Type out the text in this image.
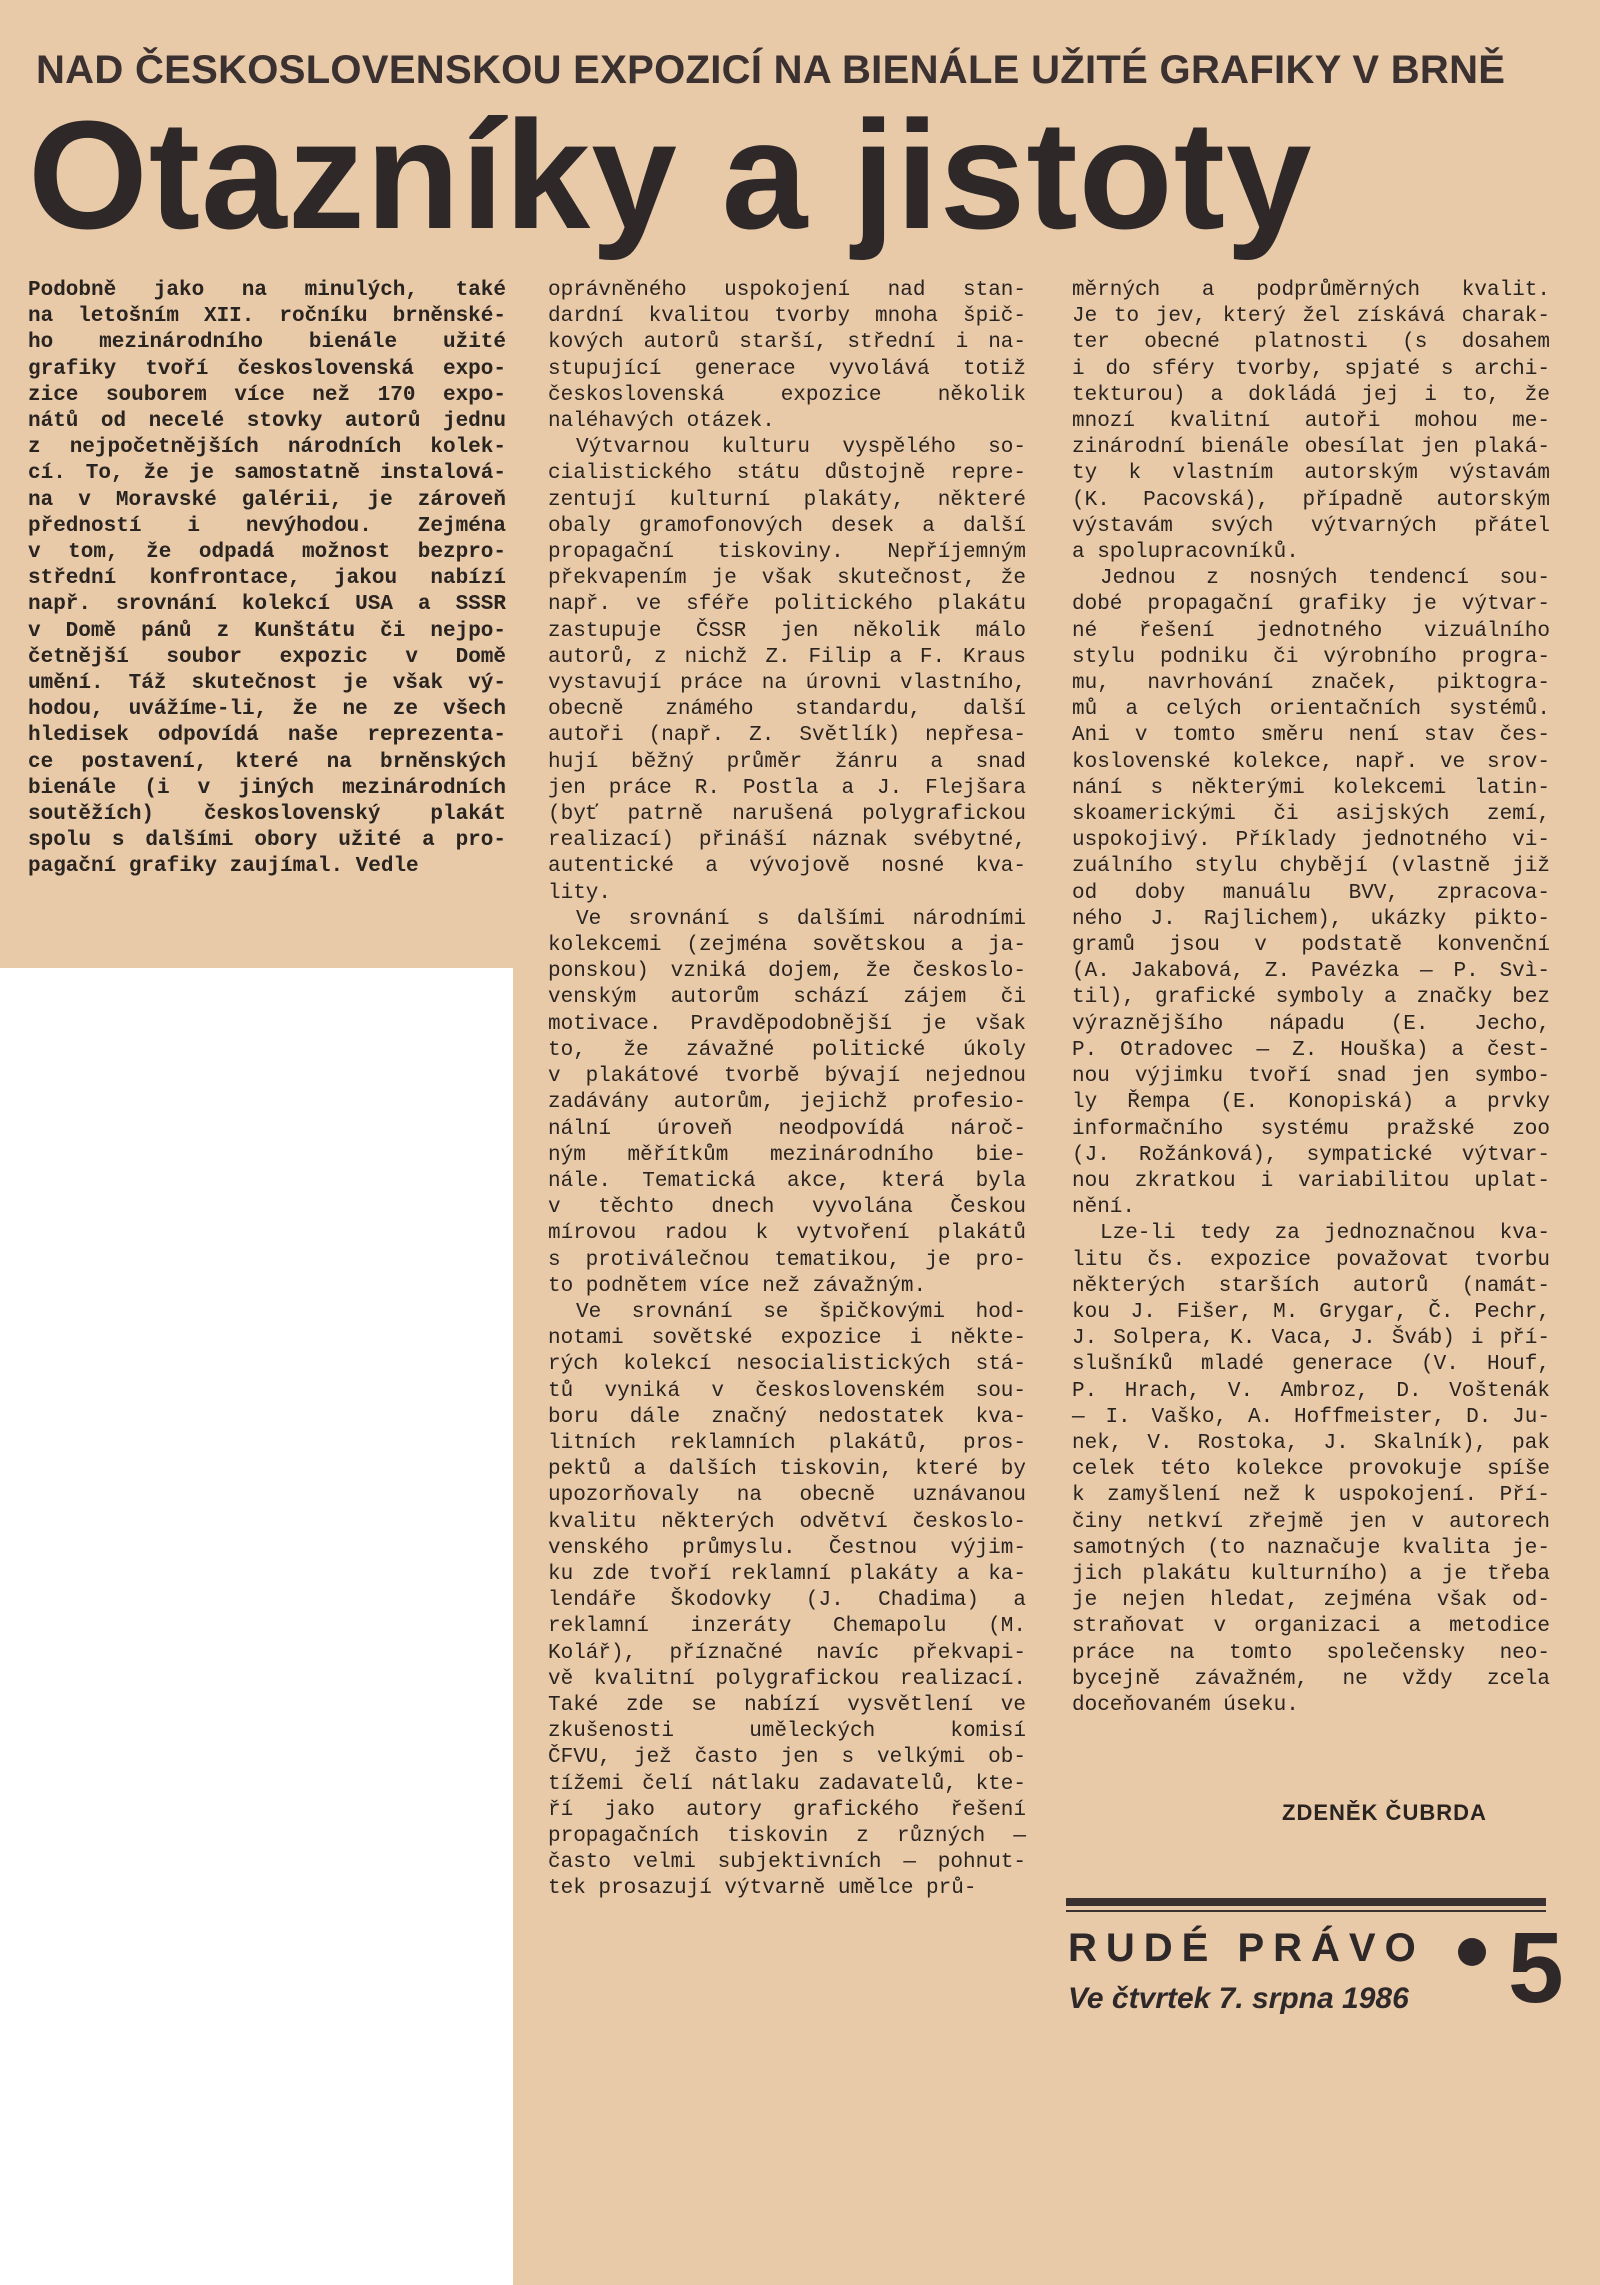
NAD ČESKOSLOVENSKOU EXPOZICÍ NA BIENÁLE UŽITÉ GRAFIKY V BRNĚ
Otazníky a jistoty

Podobně jako na minulých, také

na letošním XII. ročníku brněnské-

ho mezinárodního bienále užité

grafiky tvoří československá expo-

zice souborem více než 170 expo-

nátů od necelé stovky autorů jednu

z nejpočetnějších národních kolek-

cí. To, že je samostatně instalová-

na v Moravské galérii, je zároveň

předností i nevýhodou. Zejména

v tom, že odpadá možnost bezpro-

střední konfrontace, jakou nabízí

např. srovnání kolekcí USA a SSSR

v Domě pánů z Kunštátu či nejpo-

četnější soubor expozic v Domě

umění. Táž skutečnost je však vý-

hodou, uvážíme-li, že ne ze všech

hledisek odpovídá naše reprezenta-

ce postavení, které na brněnských

bienále (i v jiných mezinárodních

soutěžích) československý plakát

spolu s dalšími obory užité a pro-

pagační grafiky zaujímal. Vedle

oprávněného uspokojení nad stan-

dardní kvalitou tvorby mnoha špič-

kových autorů starší, střední i na-

stupující generace vyvolává totiž

československá expozice několik

naléhavých otázek.

Výtvarnou kulturu vyspělého so-

cialistického státu důstojně repre-

zentují kulturní plakáty, některé

obaly gramofonových desek a další

propagační tiskoviny. Nepříjemným

překvapením je však skutečnost, že

např. ve sféře politického plakátu

zastupuje ČSSR jen několik málo

autorů, z nichž Z. Filip a F. Kraus

vystavují práce na úrovni vlastního,

obecně známého standardu, další

autoři (např. Z. Světlík) nepřesa-

hují běžný průměr žánru a snad

jen práce R. Postla a J. Flejšara

(byť patrně narušená polygrafickou

realizací) přináší náznak svébytné,

autentické a vývojově nosné kva-

lity.

Ve srovnání s dalšími národními

kolekcemi (zejména sovětskou a ja-

ponskou) vzniká dojem, že českoslo-

venským autorům schází zájem či

motivace. Pravděpodobnější je však

to, že závažné politické úkoly

v plakátové tvorbě bývají nejednou

zadávány autorům, jejichž profesio-

nální úroveň neodpovídá nároč-

ným měřítkům mezinárodního bie-

nále. Tematická akce, která byla

v těchto dnech vyvolána Českou

mírovou radou k vytvoření plakátů

s protiválečnou tematikou, je pro-

to podnětem více než závažným.

Ve srovnání se špičkovými hod-

notami sovětské expozice i někte-

rých kolekcí nesocialistických stá-

tů vyniká v československém sou-

boru dále značný nedostatek kva-

litních reklamních plakátů, pros-

pektů a dalších tiskovin, které by

upozorňovaly na obecně uznávanou

kvalitu některých odvětví českoslo-

venského průmyslu. Čestnou výjim-

ku zde tvoří reklamní plakáty a ka-

lendáře Škodovky (J. Chadima) a

reklamní inzeráty Chemapolu (M.

Kolář), příznačné navíc překvapi-

vě kvalitní polygrafickou realizací.

Také zde se nabízí vysvětlení ve

zkušenosti uměleckých komisí

ČFVU, jež často jen s velkými ob-

tížemi čelí nátlaku zadavatelů, kte-

ří jako autory grafického řešení

propagačních tiskovin z různých —

často velmi subjektivních — pohnut-

tek prosazují výtvarně umělce prů-

měrných a podprůměrných kvalit.

Je to jev, který žel získává charak-

ter obecné platnosti (s dosahem

i do sféry tvorby, spjaté s archi-

tekturou) a dokládá jej i to, že

mnozí kvalitní autoři mohou me-

zinárodní bienále obesílat jen plaká-

ty k vlastním autorským výstavám

(K. Pacovská), případně autorským

výstavám svých výtvarných přátel

a spolupracovníků.

Jednou z nosných tendencí sou-

dobé propagační grafiky je výtvar-

né řešení jednotného vizuálního

stylu podniku či výrobního progra-

mu, navrhování značek, piktogra-

mů a celých orientačních systémů.

Ani v tomto směru není stav čes-

koslovenské kolekce, např. ve srov-

nání s některými kolekcemi latin-

skoamerickými či asijských zemí,

uspokojivý. Příklady jednotného vi-

zuálního stylu chybějí (vlastně již

od doby manuálu BVV, zpracova-

ného J. Rajlichem), ukázky pikto-

gramů jsou v podstatě konvenční

(A. Jakabová, Z. Pavézka — P. Svì-

til), grafické symboly a značky bez

výraznějšího nápadu (E. Jecho,

P. Otradovec — Z. Houška) a čest-

nou výjimku tvoří snad jen symbo-

ly Řempa (E. Konopiská) a prvky

informačního systému pražské zoo

(J. Rožánková), sympatické výtvar-

nou zkratkou i variabilitou uplat-

nění.

Lze-li tedy za jednoznačnou kva-

litu čs. expozice považovat tvorbu

některých starších autorů (namát-

kou J. Fišer, M. Grygar, Č. Pechr,

J. Solpera, K. Vaca, J. Šváb) i pří-

slušníků mladé generace (V. Houf,

P. Hrach, V. Ambroz, D. Voštenák

— I. Vaško, A. Hoffmeister, D. Ju-

nek, V. Rostoka, J. Skalník), pak

celek této kolekce provokuje spíše

k zamyšlení než k uspokojení. Pří-

činy netkví zřejmě jen v autorech

samotných (to naznačuje kvalita je-

jich plakátu kulturního) a je třeba

je nejen hledat, zejména však od-

straňovat v organizaci a metodice

práce na tomto společensky neo-

bycejně závažném, ne vždy zcela

doceňovaném úseku.

ZDENĚK ČUBRDA
RUDÉ PRÁVO
Ve čtvrtek 7. srpna 1986 5
